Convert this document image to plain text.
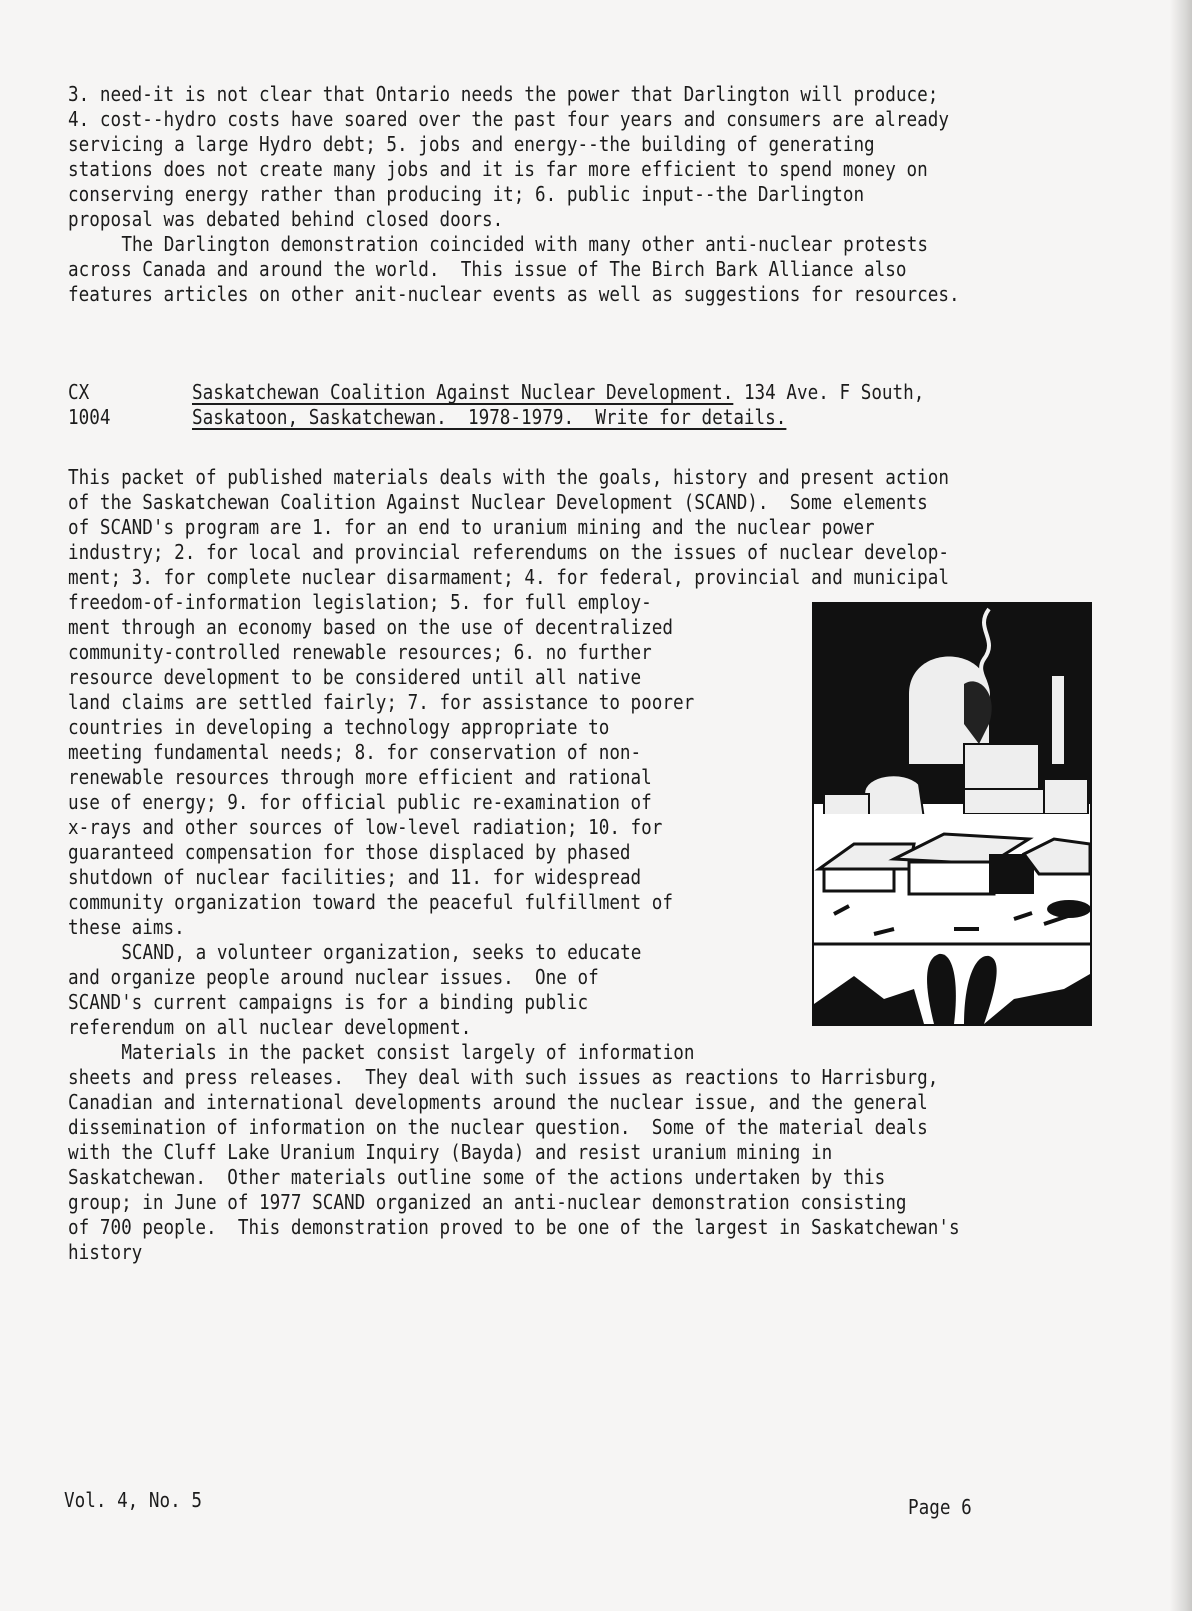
3. need-it is not clear that Ontario needs the power that Darlington will produce;
4. cost--hydro costs have soared over the past four years and consumers are already
servicing a large Hydro debt; 5. jobs and energy--the building of generating
stations does not create many jobs and it is far more efficient to spend money on
conserving energy rather than producing it; 6. public input--the Darlington
proposal was debated behind closed doors.
The Darlington demonstration coincided with many other anti-nuclear protests
across Canada and around the world.  This issue of The Birch Bark Alliance also
features articles on other anit-nuclear events as well as suggestions for resources.
CX
1004
Saskatchewan Coalition Against Nuclear Development. 134 Ave. F South,
Saskatoon, Saskatchewan.  1978-1979.  Write for details.
This packet of published materials deals with the goals, history and present action
of the Saskatchewan Coalition Against Nuclear Development (SCAND).  Some elements
of SCAND's program are 1. for an end to uranium mining and the nuclear power
industry; 2. for local and provincial referendums on the issues of nuclear develop-
ment; 3. for complete nuclear disarmament; 4. for federal, provincial and municipal
freedom-of-information legislation; 5. for full employ-
ment through an economy based on the use of decentralized
community-controlled renewable resources; 6. no further
resource development to be considered until all native
land claims are settled fairly; 7. for assistance to poorer
countries in developing a technology appropriate to
meeting fundamental needs; 8. for conservation of non-
renewable resources through more efficient and rational
use of energy; 9. for official public re-examination of
x-rays and other sources of low-level radiation; 10. for
guaranteed compensation for those displaced by phased
shutdown of nuclear facilities; and 11. for widespread
community organization toward the peaceful fulfillment of
these aims.
SCAND, a volunteer organization, seeks to educate
and organize people around nuclear issues.  One of
SCAND's current campaigns is for a binding public
referendum on all nuclear development.
Materials in the packet consist largely of information
sheets and press releases.  They deal with such issues as reactions to Harrisburg,
Canadian and international developments around the nuclear issue, and the general
dissemination of information on the nuclear question.  Some of the material deals
with the Cluff Lake Uranium Inquiry (Bayda) and resist uranium mining in
Saskatchewan.  Other materials outline some of the actions undertaken by this
group; in June of 1977 SCAND organized an anti-nuclear demonstration consisting
of 700 people.  This demonstration proved to be one of the largest in Saskatchewan's
history
Vol. 4, No. 5	Page 6
